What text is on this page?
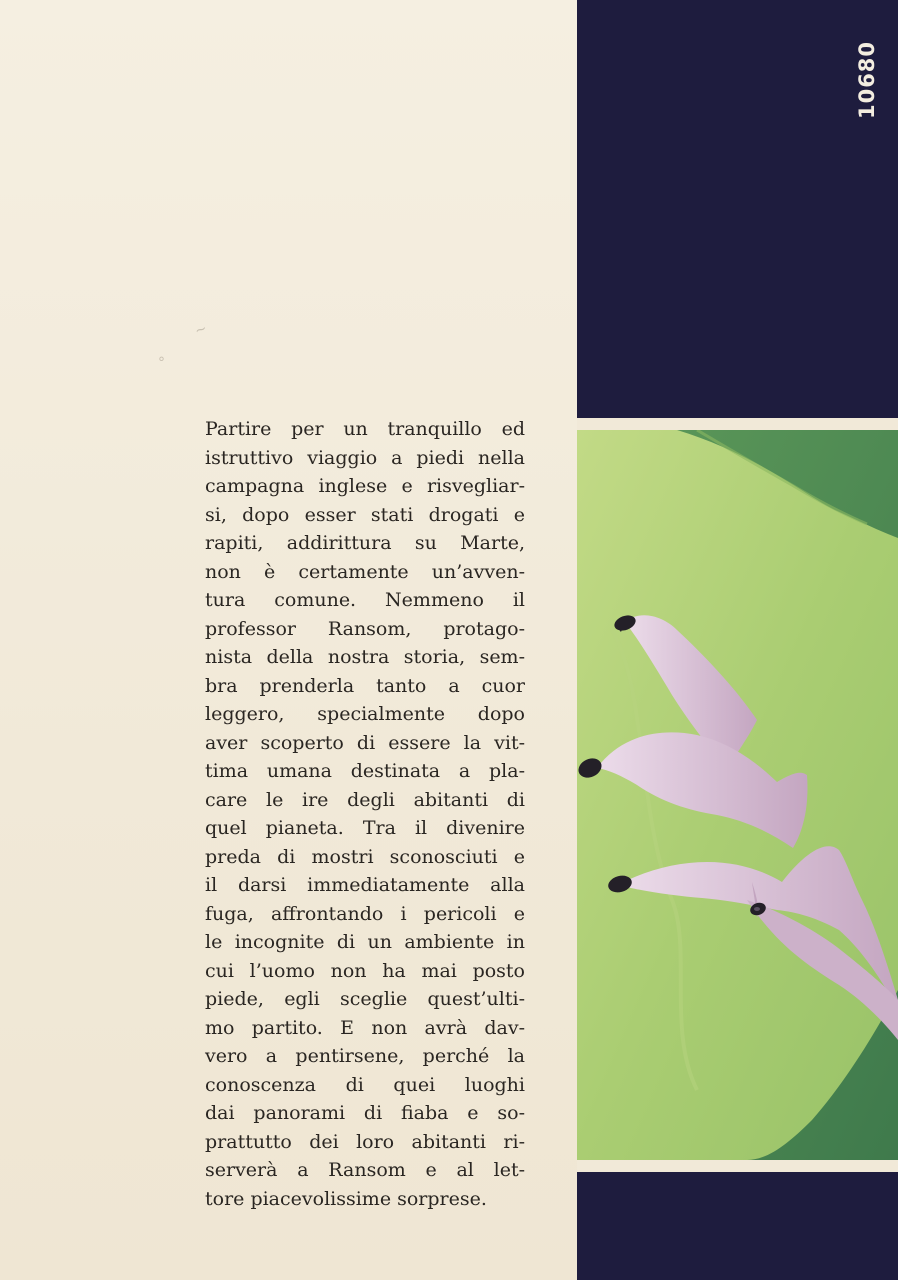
~
°
Partire per un tranquillo ed
istruttivo viaggio a piedi nella
campagna inglese e risvegliar-
si, dopo esser stati drogati e
rapiti, addirittura su Marte,
non è certamente un’avven-
tura comune. Nemmeno il
professor Ransom, protago-
nista della nostra storia, sem-
bra prenderla tanto a cuor
leggero, specialmente dopo
aver scoperto di essere la vit-
tima umana destinata a pla-
care le ire degli abitanti di
quel pianeta. Tra il divenire
preda di mostri sconosciuti e
il darsi immediatamente alla
fuga, affrontando i pericoli e
le incognite di un ambiente in
cui l’uomo non ha mai posto
piede, egli sceglie quest’ulti-
mo partito. E non avrà dav-
vero a pentirsene, perché la
conoscenza di quei luoghi
dai panorami di fiaba e so-
prattutto dei loro abitanti ri-
serverà a Ransom e al let-
tore piacevolissime sorprese.
10680
